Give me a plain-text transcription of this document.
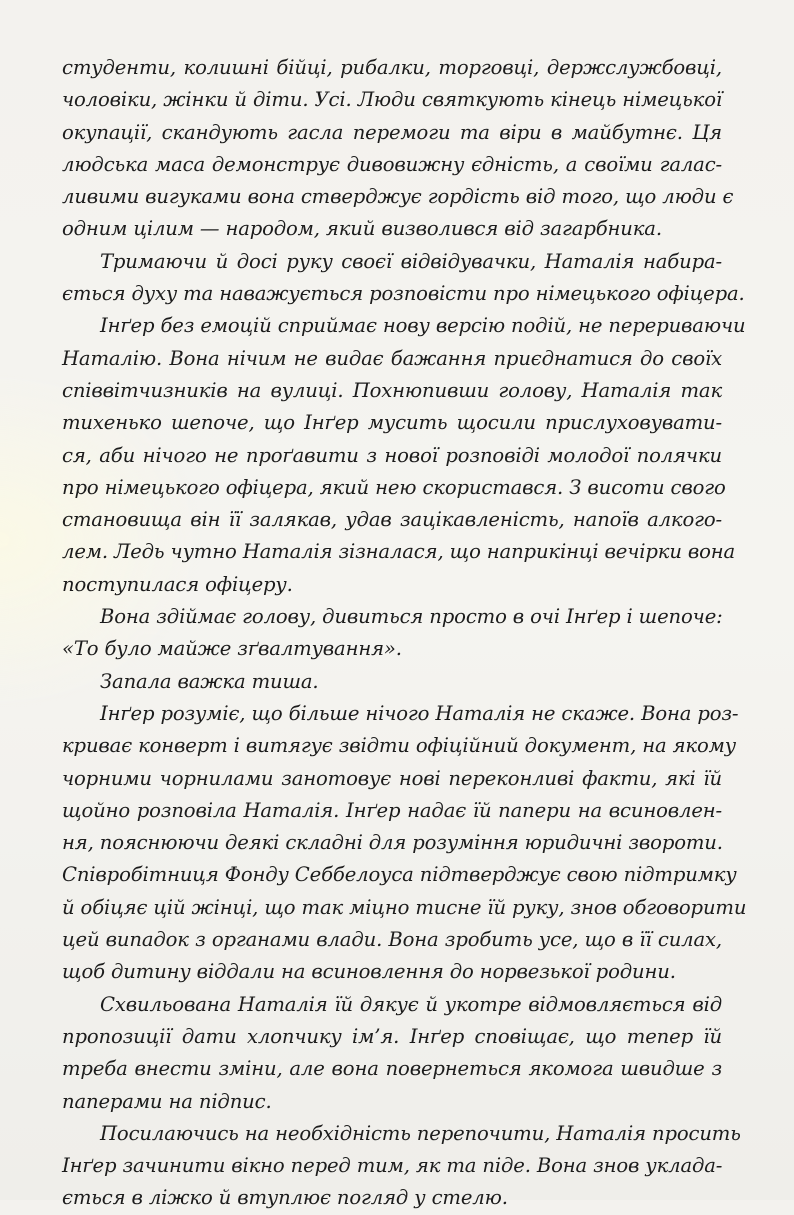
студенти, колишні бійці, рибалки, торговці, держслужбовці,
чоловіки, жінки й діти. Усі. Люди святкують кінець німецької
окупації, скандують гасла перемоги та віри в майбутнє. Ця
людська маса демонструє дивовижну єдність, а своїми галас-
ливими вигуками вона стверджує гордість від того, що люди є
одним цілим — народом, який визволився від загарбника.
Тримаючи й досі руку своєї відвідувачки, Наталія набира-
ється духу та наважується розповісти про німецького офіцера.
Інґер без емоцій сприймає нову версію подій, не перериваючи
Наталію. Вона нічим не видає бажання приєднатися до своїх
співвітчизників на вулиці. Похнюпивши голову, Наталія так
тихенько шепоче, що Інґер мусить щосили прислуховувати-
ся, аби нічого не проґавити з нової розповіді молодої полячки
про німецького офіцера, який нею скористався. З висоти свого
становища він її залякав, удав зацікавленість, напоїв алкого-
лем. Ледь чутно Наталія зізналася, що наприкінці вечірки вона
поступилася офіцеру.
Вона здіймає голову, дивиться просто в очі Інґер і шепоче:
«То було майже зґвалтування».
Запала важка тиша.
Інґер розуміє, що більше нічого Наталія не скаже. Вона роз-
криває конверт і витягує звідти офіційний документ, на якому
чорними чорнилами занотовує нові переконливі факти, які їй
щойно розповіла Наталія. Інґер надає їй папери на всиновлен-
ня, пояснюючи деякі складні для розуміння юридичні звороти.
Співробітниця Фонду Себбелоуса підтверджує свою підтримку
й обіцяє цій жінці, що так міцно тисне їй руку, знов обговорити
цей випадок з органами влади. Вона зробить усе, що в її силах,
щоб дитину віддали на всиновлення до норвезької родини.
Схвильована Наталія їй дякує й укотре відмовляється від
пропозиції дати хлопчику ім’я. Інґер сповіщає, що тепер їй
треба внести зміни, але вона повернеться якомога швидше з
паперами на підпис.
Посилаючись на необхідність перепочити, Наталія просить
Інґер зачинити вікно перед тим, як та піде. Вона знов уклада-
ється в ліжко й втуплює погляд у стелю.
